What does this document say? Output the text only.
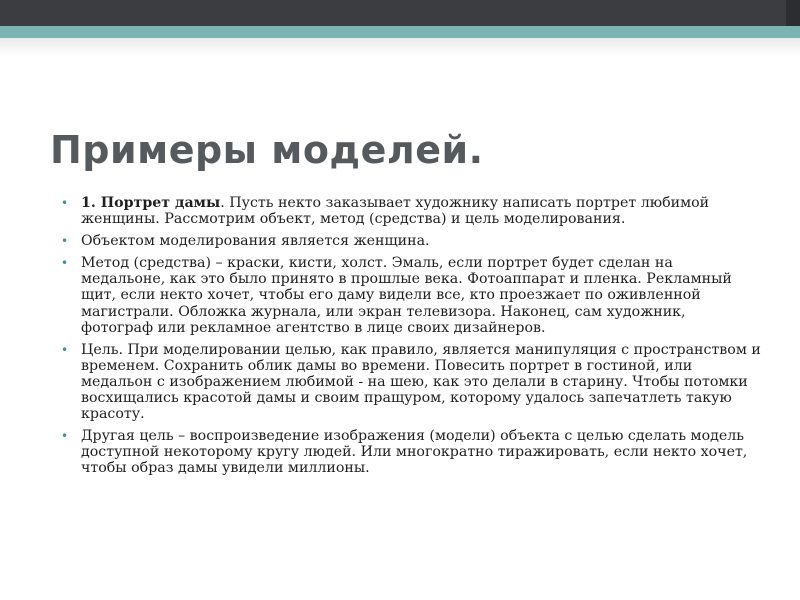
Примеры моделей.
• 1. Портрет дамы. Пусть некто заказывает художнику написать портрет любимой женщины. Рассмотрим объект, метод (средства) и цель моделирования.
• Объектом моделирования является женщина.
• Метод (средства) – краски, кисти, холст. Эмаль, если портрет будет сделан на медальоне, как это было принято в прошлые века. Фотоаппарат и пленка. Рекламный щит, если некто хочет, чтобы его даму видели все, кто проезжает по оживленной магистрали. Обложка журнала, или экран телевизора. Наконец, сам художник, фотограф или рекламное агентство в лице своих дизайнеров.
• Цель. При моделировании целью, как правило, является манипуляция с пространством и временем. Сохранить облик дамы во времени. Повесить портрет в гостиной, или медальон с изображением любимой - на шею, как это делали в старину. Чтобы потомки восхищались красотой дамы и своим пращуром, которому удалось запечатлеть такую красоту.
• Другая цель – воспроизведение изображения (модели) объекта с целью сделать модель доступной некоторому кругу людей. Или многократно тиражировать, если некто хочет, чтобы образ дамы увидели миллионы.
